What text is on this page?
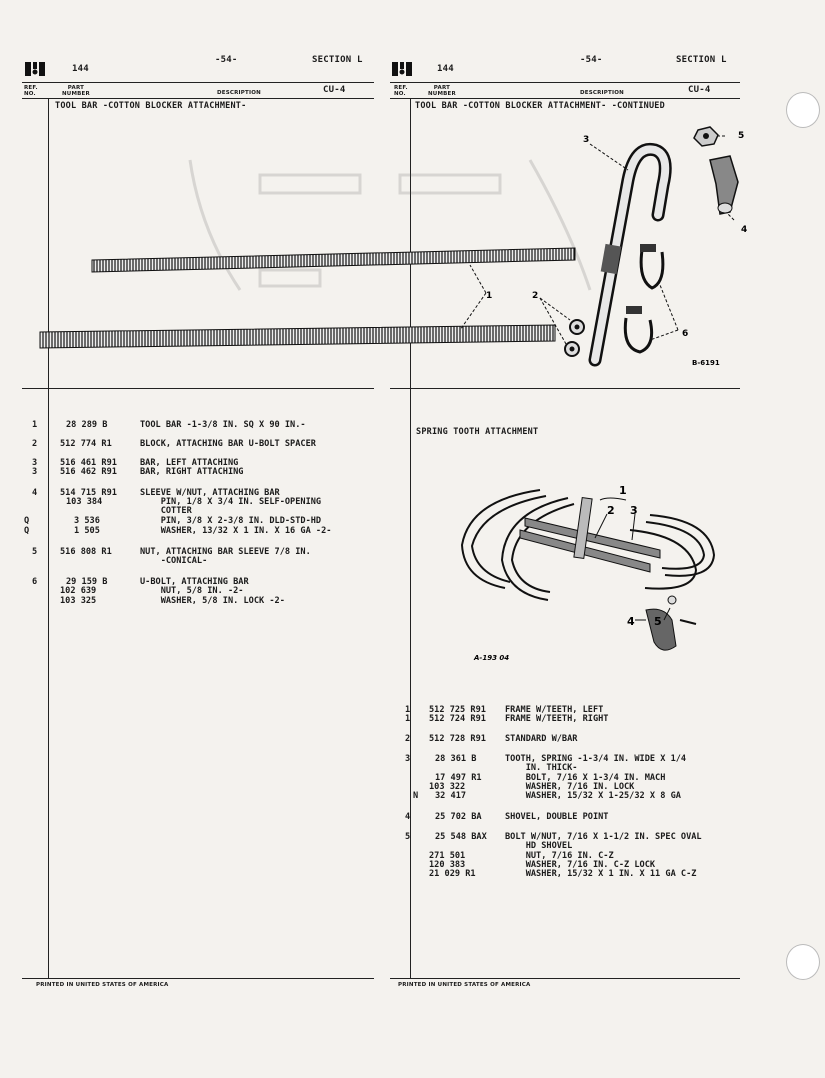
144
-54-	SECTION L
REF.
NO.
PART
NUMBER	DESCRIPTION	CU-4
TOOL BAR -COTTON BLOCKER ATTACHMENT-
144
-54-	SECTION L
REF.
NO.
PART
NUMBER	DESCRIPTION	CU-4
TOOL BAR -COTTON BLOCKER ATTACHMENT- -CONTINUED
1	2
3
4
5
6
B-6191
1	28 289 B	TOOL BAR -1-3/8 IN. SQ X 90 IN.-
2	512 774 R1	BLOCK, ATTACHING BAR U-BOLT SPACER
3	516 461 R91	BAR, LEFT ATTACHING
3	516 462 R91	BAR, RIGHT ATTACHING
4	514 715 R91	SLEEVE W/NUT, ATTACHING BAR
103 384	PIN, 1/8 X 3/4 IN. SELF-OPENING
COTTER
Q	3 536	PIN, 3/8 X 2-3/8 IN. DLD-STD-HD
Q	1 505	WASHER, 13/32 X 1 IN. X 16 GA -2-
5	516 808 R1	NUT, ATTACHING BAR SLEEVE 7/8 IN.
-CONICAL-
6	29 159 B	U-BOLT, ATTACHING BAR
102 639	NUT, 5/8 IN. -2-
103 325	WASHER, 5/8 IN. LOCK -2-
SPRING TOOTH ATTACHMENT
1
2 3
4 5
A-193 04
1 512 725 R91 FRAME W/TEETH, LEFT
1 512 724 R91 FRAME W/TEETH, RIGHT
2 512 728 R91 STANDARD W/BAR
3	28 361 B	TOOTH, SPRING -1-3/4 IN. WIDE X 1/4
IN. THICK-
17 497 R1	BOLT, 7/16 X 1-3/4 IN. MACH
103 322	WASHER, 7/16 IN. LOCK
N 32 417	WASHER, 15/32 X 1-25/32 X 8 GA
4	25 702 BA	SHOVEL, DOUBLE POINT
5	25 548 BAX BOLT W/NUT, 7/16 X 1-1/2 IN. SPEC OVAL
HD SHOVEL
271 501	NUT, 7/16 IN. C-Z
120 383	WASHER, 7/16 IN. C-Z LOCK
21 029 R1	WASHER, 15/32 X 1 IN. X 11 GA C-Z
PRINTED IN UNITED STATES OF AMERICA	PRINTED IN UNITED STATES OF AMERICA
